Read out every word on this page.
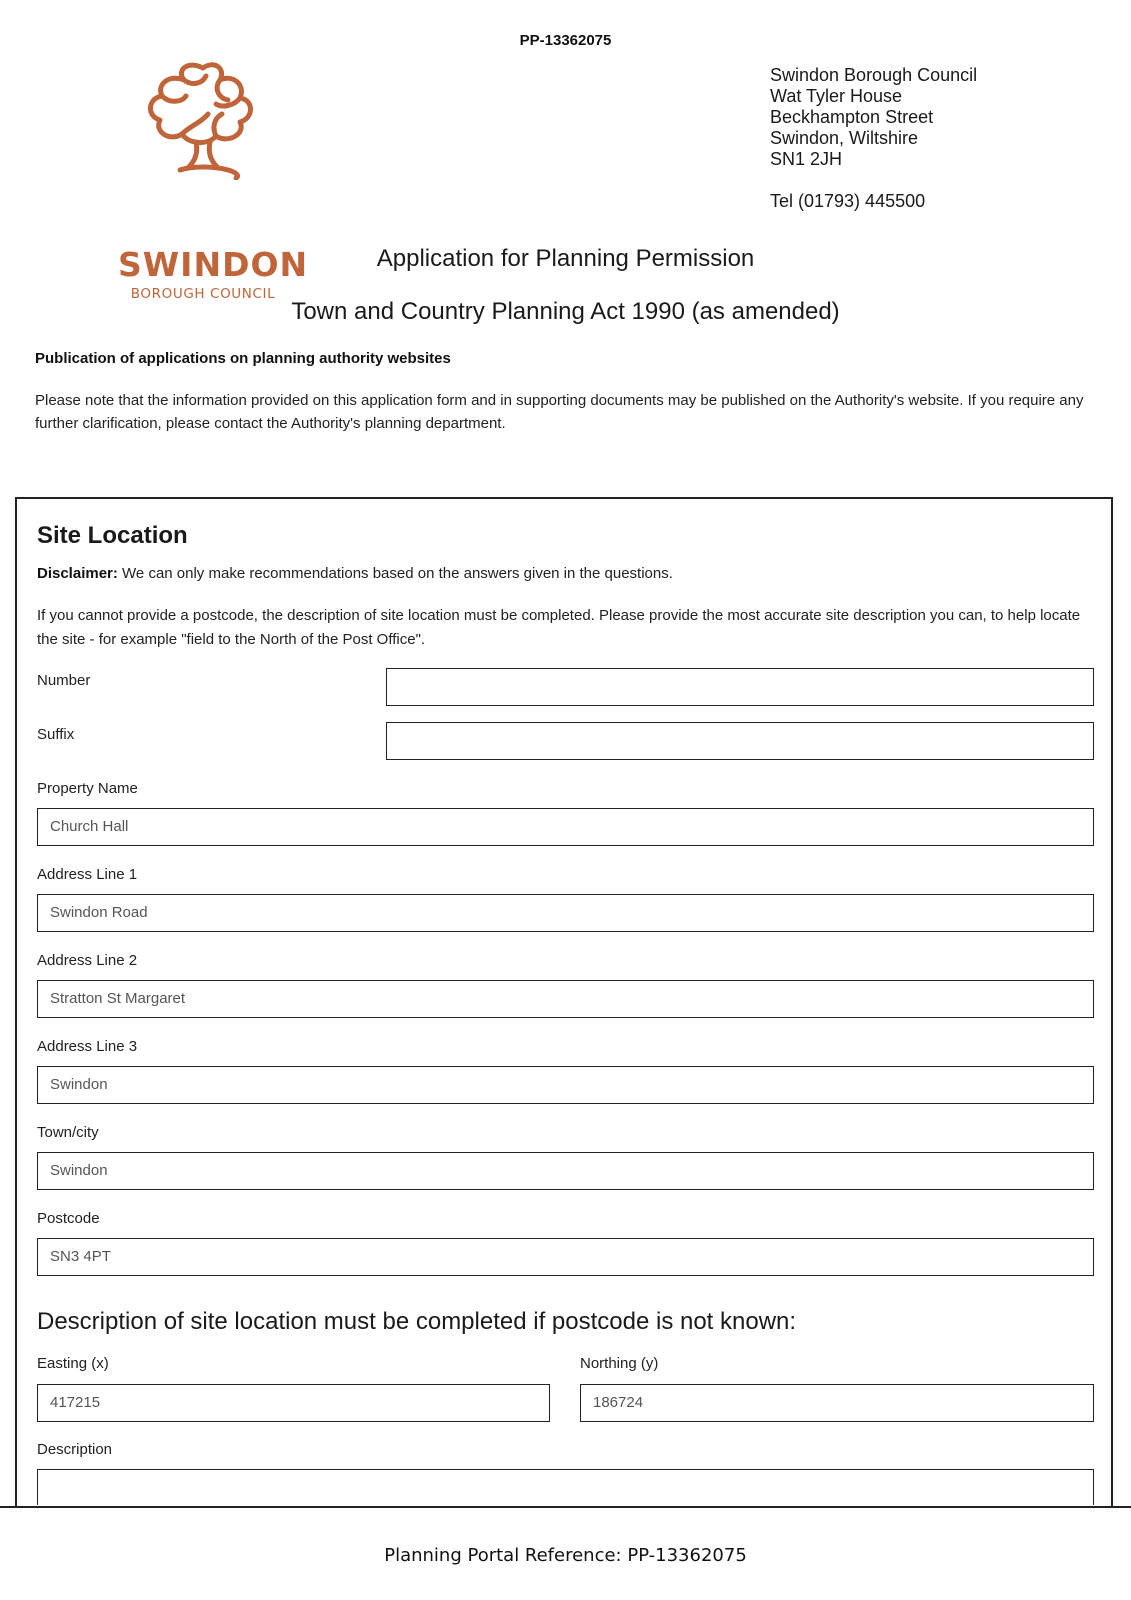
PP-13362075
SWINDON
BOROUGH COUNCIL
Swindon Borough Council
Wat Tyler House
Beckhampton Street
Swindon, Wiltshire
SN1 2JH
Tel (01793) 445500
Application for Planning Permission
Town and Country Planning Act 1990 (as amended)
Publication of applications on planning authority websites
Please note that the information provided on this application form and in supporting documents may be published on the Authority's website. If you require any further clarification, please contact the Authority's planning department.
Site Location
Disclaimer: We can only make recommendations based on the answers given in the questions.
If you cannot provide a postcode, the description of site location must be completed. Please provide the most accurate site description you can, to help locate the site - for example "field to the North of the Post Office".
Number
Suffix
Property Name
Church Hall
Address Line 1
Swindon Road
Address Line 2
Stratton St Margaret
Address Line 3
Swindon
Town/city
Swindon
Postcode
SN3 4PT
Description of site location must be completed if postcode is not known:
Easting (x)
417215
Northing (y)
186724
Description
Planning Portal Reference: PP-13362075
